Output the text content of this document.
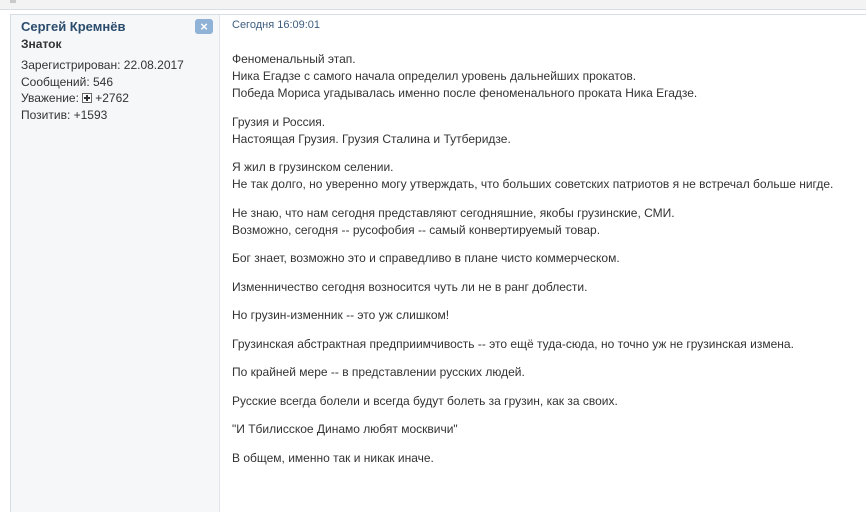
Сергей Кремнёв
Знаток
Зарегистрирован: 22.08.2017
Сообщений: 546
Уважение: +2762
Позитив: +1593
×	Сегодня 16:09:01

Феноменальный этап.
Ника Егадзе с самого начала определил уровень дальнейших прокатов.
Победа Мориса угадывалась именно после феноменального проката Ника Егадзе.

Грузия и Россия.
Настоящая Грузия. Грузия Сталина и Тутберидзе.

Я жил в грузинском селении.
Не так долго, но уверенно могу утверждать, что больших советских патриотов я не встречал больше нигде.

Не знаю, что нам сегодня представляют сегодняшние, якобы грузинские, СМИ.
Возможно, сегодня -- русофобия -- самый конвертируемый товар.

Бог знает, возможно это и справедливо в плане чисто коммерческом.

Изменничество сегодня возносится чуть ли не в ранг доблести.

Но грузин-изменник -- это уж слишком!

Грузинская абстрактная предприимчивость -- это ещё туда-сюда, но точно уж не грузинская измена.

По крайней мере -- в представлении русских людей.

Русские всегда болели и всегда будут болеть за грузин, как за своих.

"И Тбилисское Динамо любят москвичи"

В общем, именно так и никак иначе.
